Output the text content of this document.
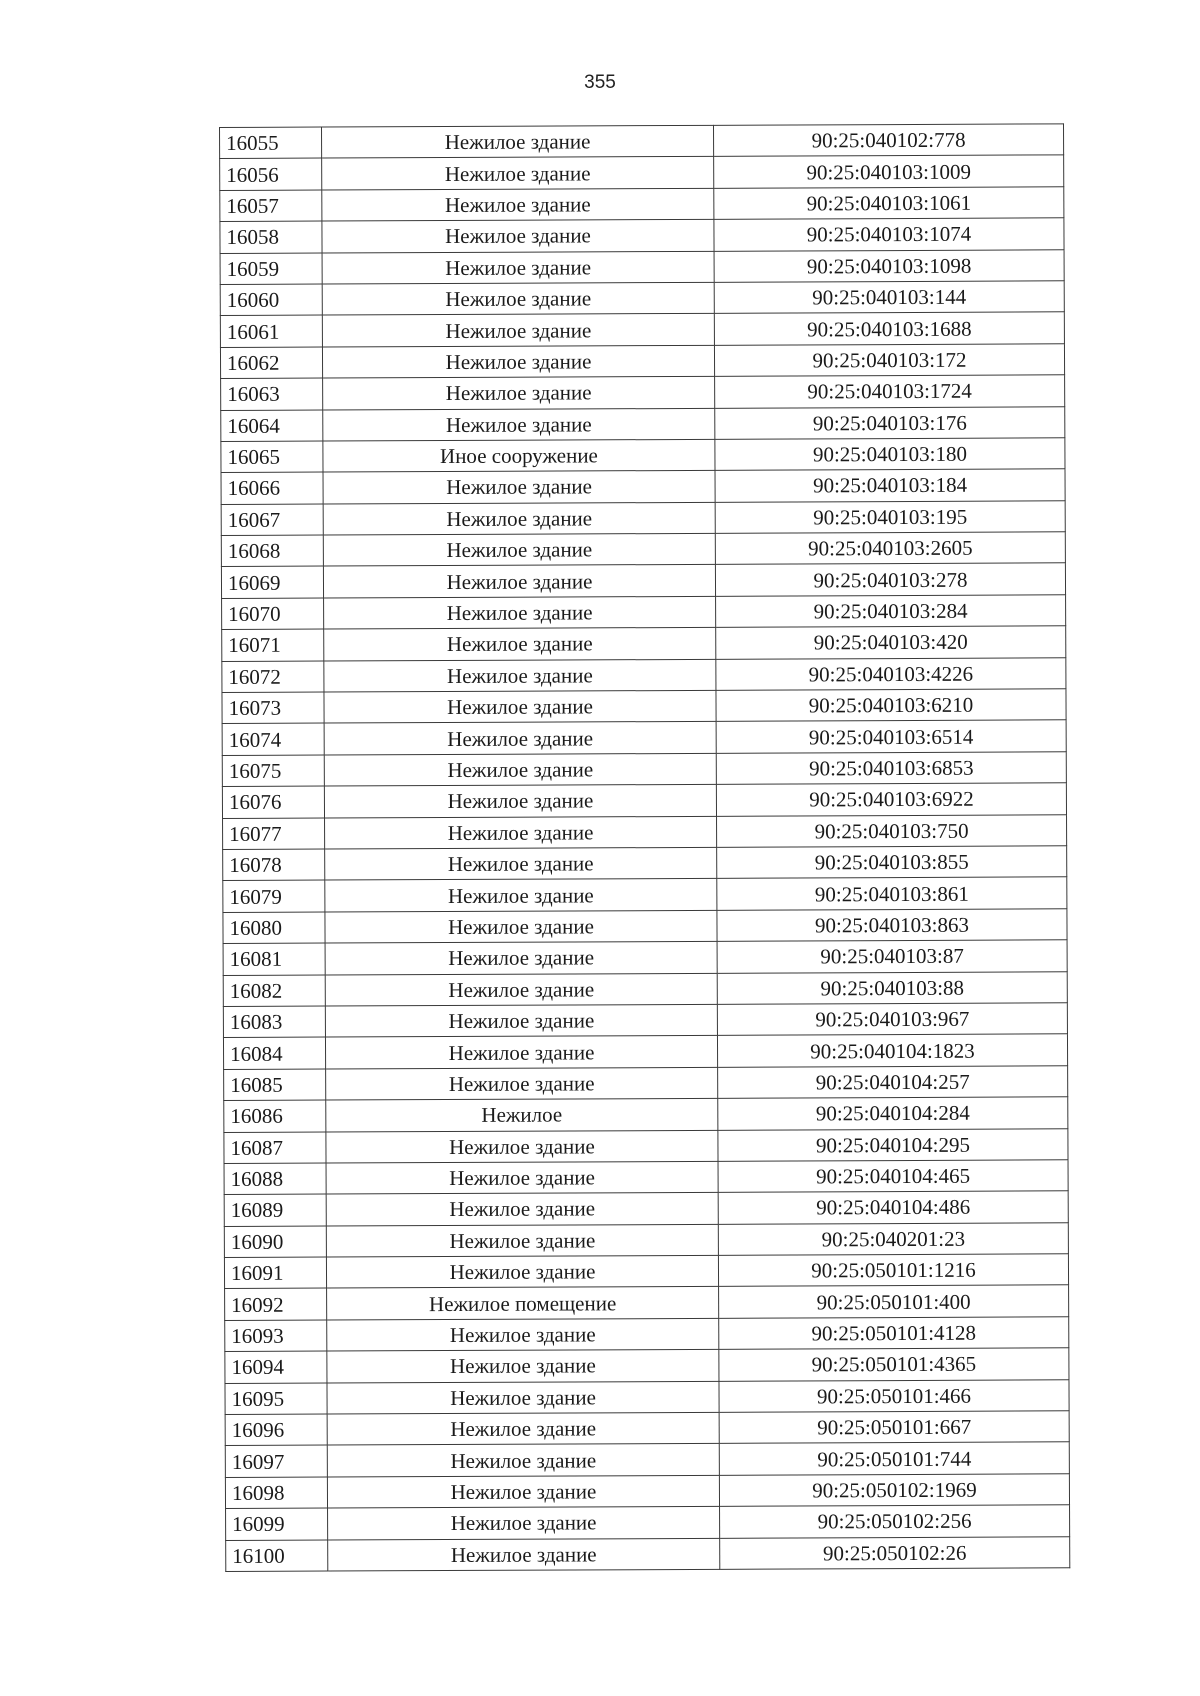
355
16055	Нежилое здание	90:25:040102:778
16056	Нежилое здание	90:25:040103:1009
16057	Нежилое здание	90:25:040103:1061
16058	Нежилое здание	90:25:040103:1074
16059	Нежилое здание	90:25:040103:1098
16060	Нежилое здание	90:25:040103:144
16061	Нежилое здание	90:25:040103:1688
16062	Нежилое здание	90:25:040103:172
16063	Нежилое здание	90:25:040103:1724
16064	Нежилое здание	90:25:040103:176
16065	Иное сооружение	90:25:040103:180
16066	Нежилое здание	90:25:040103:184
16067	Нежилое здание	90:25:040103:195
16068	Нежилое здание	90:25:040103:2605
16069	Нежилое здание	90:25:040103:278
16070	Нежилое здание	90:25:040103:284
16071	Нежилое здание	90:25:040103:420
16072	Нежилое здание	90:25:040103:4226
16073	Нежилое здание	90:25:040103:6210
16074	Нежилое здание	90:25:040103:6514
16075	Нежилое здание	90:25:040103:6853
16076	Нежилое здание	90:25:040103:6922
16077	Нежилое здание	90:25:040103:750
16078	Нежилое здание	90:25:040103:855
16079	Нежилое здание	90:25:040103:861
16080	Нежилое здание	90:25:040103:863
16081	Нежилое здание	90:25:040103:87
16082	Нежилое здание	90:25:040103:88
16083	Нежилое здание	90:25:040103:967
16084	Нежилое здание	90:25:040104:1823
16085	Нежилое здание	90:25:040104:257
16086	Нежилое	90:25:040104:284
16087	Нежилое здание	90:25:040104:295
16088	Нежилое здание	90:25:040104:465
16089	Нежилое здание	90:25:040104:486
16090	Нежилое здание	90:25:040201:23
16091	Нежилое здание	90:25:050101:1216
16092	Нежилое помещение	90:25:050101:400
16093	Нежилое здание	90:25:050101:4128
16094	Нежилое здание	90:25:050101:4365
16095	Нежилое здание	90:25:050101:466
16096	Нежилое здание	90:25:050101:667
16097	Нежилое здание	90:25:050101:744
16098	Нежилое здание	90:25:050102:1969
16099	Нежилое здание	90:25:050102:256
16100	Нежилое здание	90:25:050102:26
